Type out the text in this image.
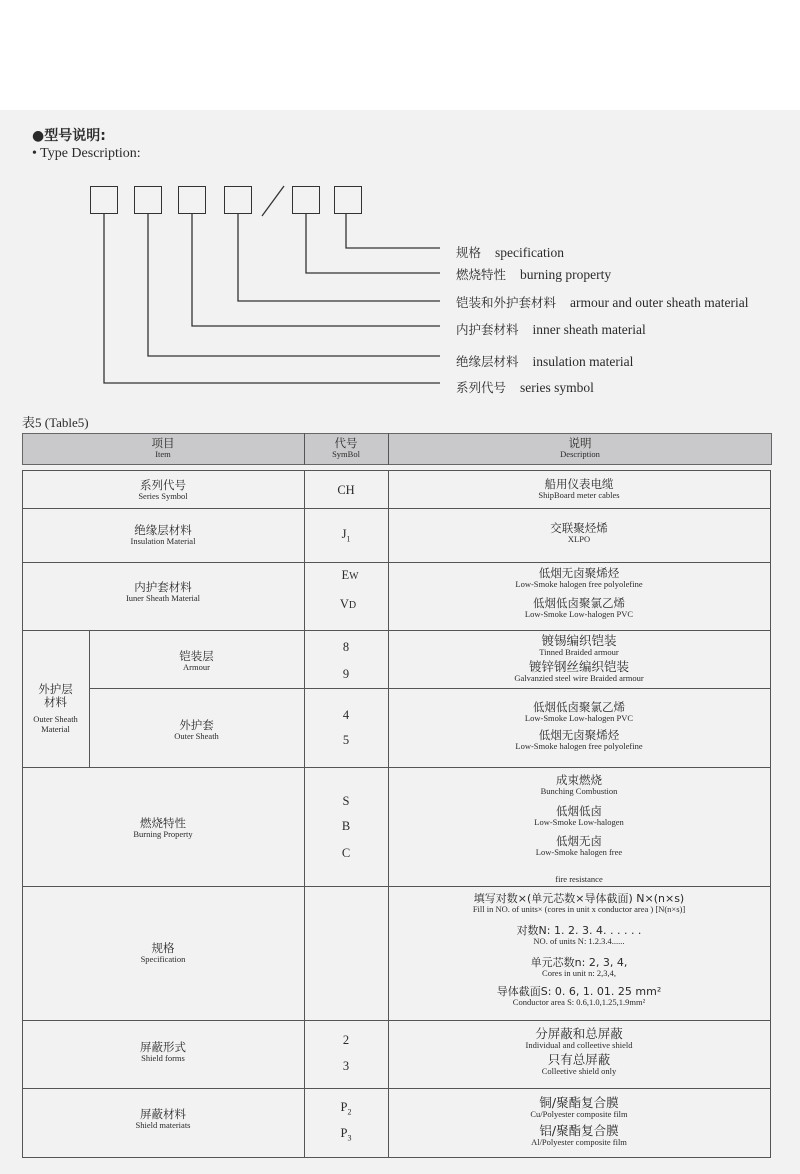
●型号说明:
• Type Description:
规格 specification
燃烧特性 burning property
铠装和外护套材料 armour and outer sheath material
内护套材料 inner sheath material
绝缘层材料 insulation material
系列代号 series symbol
表5 (Table5)
项目
Item
代号
SymBol
说明
Description
系列代号
Series Symbol	CH	船用仪表电缆
ShipBoard meter cables
绝缘层材料
Insulation Material
$J_1$
交联聚烃烯
XLPO
内护套材料
Iuner Sheath Material
EW
VD
低烟无卤聚烯烃
Low-Smoke halogen free polyolefine
低烟低卤聚氯乙烯
Low-Smoke Low-halogen PVC
外护层
材料
Outer Sheath
Material
铠装层
Armour
8
9
镀锡编织铠装
Tinned Braided armour
镀锌钢丝编织铠装
Galvanzied steel wire Braided armour
外护套
Outer Sheath
4
5
低烟低卤聚氯乙烯
Low-Smoke Low-halogen PVC
低烟无卤聚烯烃
Low-Smoke halogen free polyolefine
燃烧特性
Burning Property
S
B
C
成束燃烧
Bunching Combustion
低烟低卤
Low-Smoke Low-halogen
低烟无卤
Low-Smoke halogen free
fire resistance
规格
Specification
填写对数×(单元芯数×导体截面) N×(n×s)
Fill in NO. of units× (cores in unit x conductor area ) [N(n×s)]
对数N: 1. 2. 3. 4. . . . . .
NO. of units N: 1.2.3.4......
单元芯数n: 2, 3, 4,
Cores in unit n: 2,3,4,
导体截面S: 0. 6, 1. 01. 25 mm²
Conductor area S: 0.6,1.0,1.25,1.9mm²
屏蔽形式
Shield forms
2
3
分屏蔽和总屏蔽
Individual and colleetive shield
只有总屏蔽
Colleetive shield only
屏蔽材料
Shield materiats
$P_2$
$P_3$
铜/聚酯复合膜
Cu/Polyester composite film
铝/聚酯复合膜
Al/Polyester composite film
